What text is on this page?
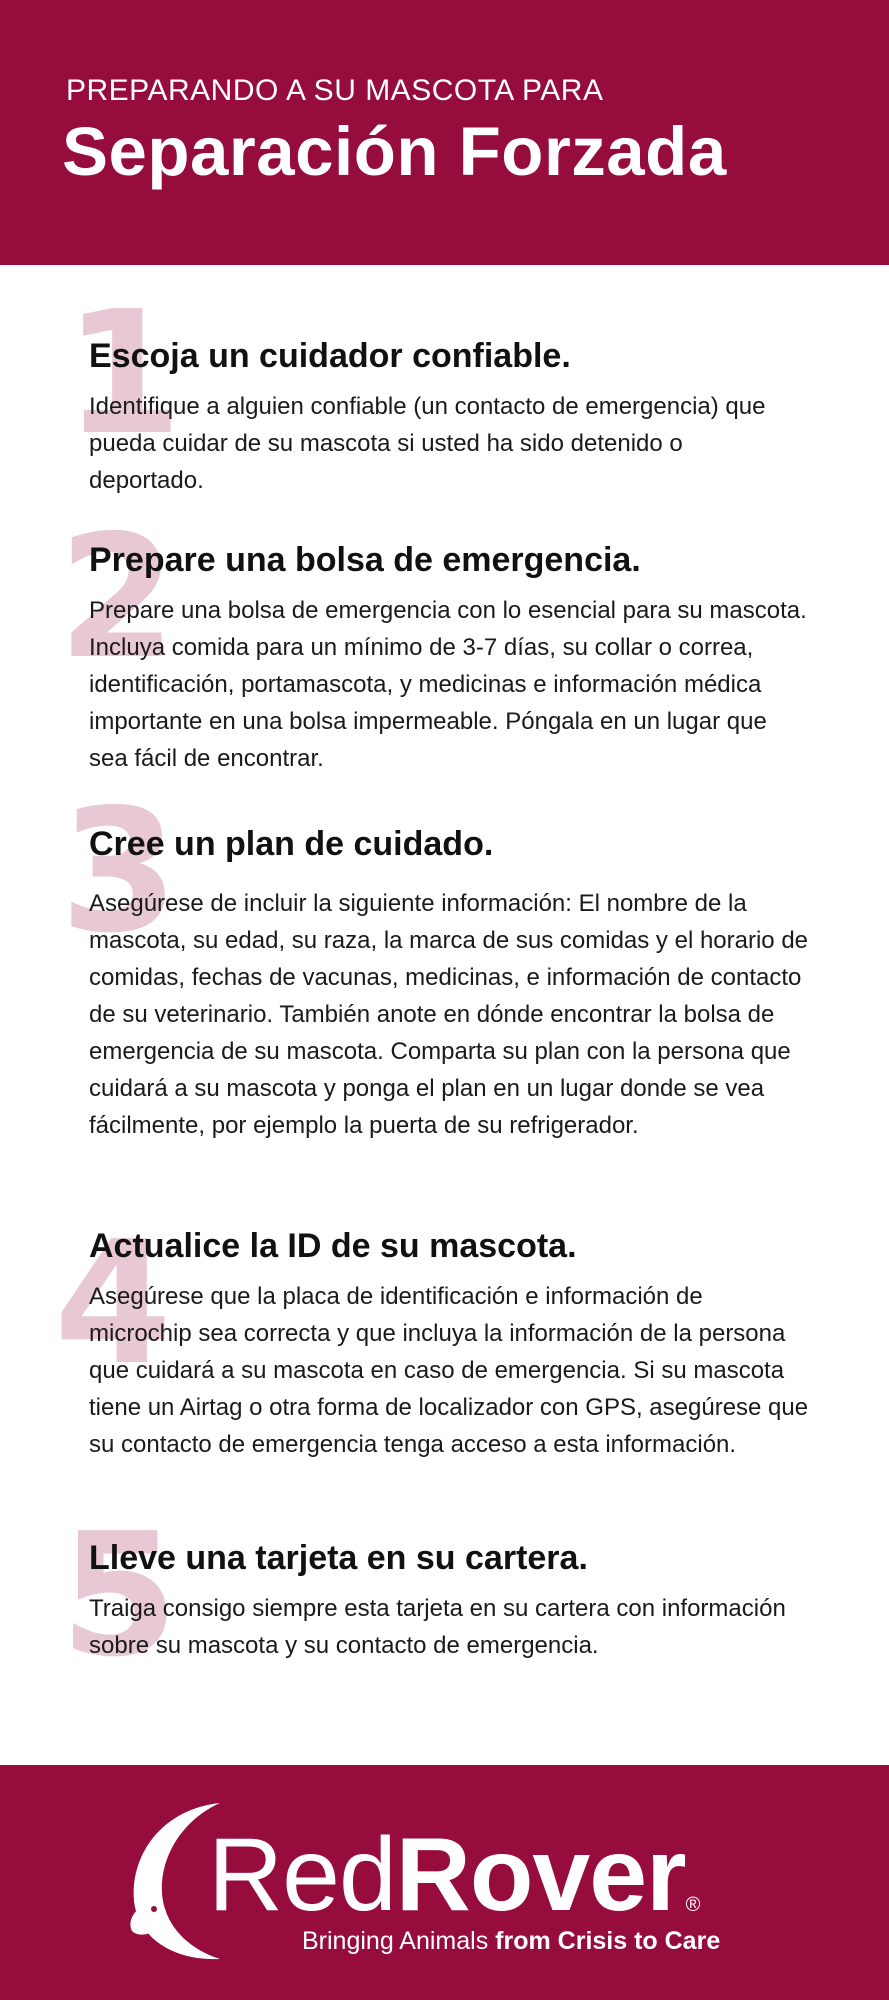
PREPARANDO A SU MASCOTA PARA
Separación Forzada
1
Escoja un cuidador confiable.

Identifique a alguien confiable (un contacto de emergencia) que pueda cuidar de su mascota si usted ha sido detenido o deportado.

2
Prepare una bolsa de emergencia.

Prepare una bolsa de emergencia con lo esencial para su mascota. Incluya comida para un mínimo de 3-7 días, su collar o correa, identificación, portamascota, y medicinas e información médica importante en una bolsa impermeable. Póngala en un lugar que sea fácil de encontrar.

3
Cree un plan de cuidado.

Asegúrese de incluir la siguiente información: El nombre de la mascota, su edad, su raza, la marca de sus comidas y el horario de comidas, fechas de vacunas, medicinas, e información de contacto de su veterinario. También anote en dónde encontrar la bolsa de emergencia de su mascota. Comparta su plan con la persona que cuidará a su mascota y ponga el plan en un lugar donde se vea fácilmente, por ejemplo la puerta de su refrigerador.

4
Actualice la ID de su mascota.

Asegúrese que la placa de identificación e información de microchip sea correcta y que incluya la información de la persona que cuidará a su mascota en caso de emergencia. Si su mascota tiene un Airtag o otra forma de localizador con GPS, asegúrese que su contacto de emergencia tenga acceso a esta información.

5
Lleve una tarjeta en su cartera.

Traiga consigo siempre esta tarjeta en su cartera con información sobre su mascota y su contacto de emergencia.

RedRover®
Bringing Animals from Crisis to Care
